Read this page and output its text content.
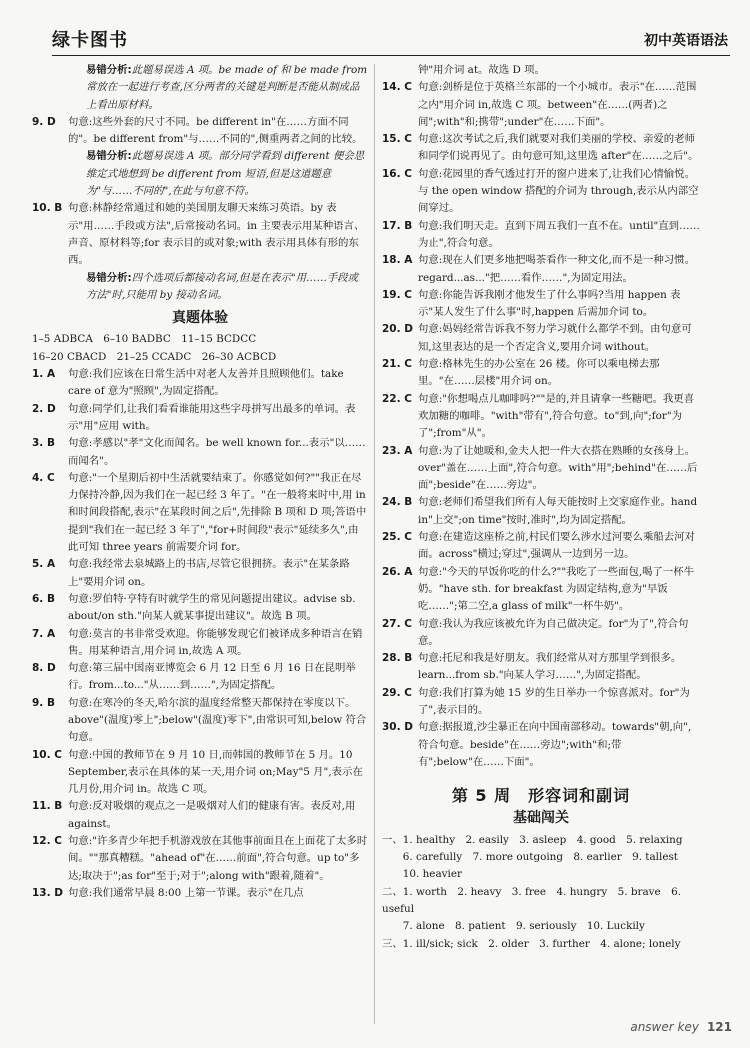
绿卡图书	初中英语语法
易错分析:此题易误选 A 项。be made of 和 be made from 常放在一起进行考查,区分两者的关键是判断是否能从制成品上看出原材料。
9. D	句意:这些外套的尺寸不同。be different in"在……方面不同的"。be different from"与……不同的",侧重两者之间的比较。
易错分析:此题易误选 A 项。部分同学看到 different 便会思维定式地想到 be different from 短语,但是这道题意为"与……不同的",在此与句意不符。
10. B 句意:林静经常通过和她的美国朋友聊天来练习英语。by 表示"用……手段或方法",后常接动名词。in 主要表示用某种语言、声音、原材料等;for 表示目的或对象;with 表示用具体有形的东西。
易错分析:四个选项后都接动名词,但是在表示"用……手段或方法"时,只能用 by 接动名词。
真题体验
1–5 ADBCA　6–10 BADBC　11–15 BCDCC
16–20 CBACD　21–25 CCADC　26–30 ACBCD
1. A	句意:我们应该在日常生活中对老人友善并且照顾他们。take care of 意为"照顾",为固定搭配。
2. D	句意:同学们,让我们看看谁能用这些字母拼写出最多的单词。表示"用"应用 with。
3. B	句意:孝感以"孝"文化而闻名。be well known for...表示"以……而闻名"。
4. C	句意:"一个星期后初中生活就要结束了。你感觉如何?""我正在尽力保持冷静,因为我们在一起已经 3 年了。"在一般将来时中,用 in 和时间段搭配,表示"在某段时间之后",先排除 B 项和 D 项;答语中提到"我们在一起已经 3 年了","for+时间段"表示"延续多久",由此可知 three years 前需要介词 for。
5. A	句意:我经常去泉城路上的书店,尽管它很拥挤。表示"在某条路上"要用介词 on。
6. B	句意:罗伯特·亨特有时就学生的常见问题提出建议。advise sb. about/on sth."向某人就某事提出建议"。故选 B 项。
7. A	句意:莫言的书非常受欢迎。你能够发现它们被译成多种语言在销售。用某种语言,用介词 in,故选 A 项。
8. D	句意:第三届中国南亚博览会 6 月 12 日至 6 月 16 日在昆明举行。from...to..."从……到……",为固定搭配。
9. B	句意:在寒冷的冬天,哈尔滨的温度经常整天都保持在零度以下。above"(温度)零上";below"(温度)零下",由常识可知,below 符合句意。
10. C 句意:中国的教师节在 9 月 10 日,而韩国的教师节在 5 月。10 September,表示在具体的某一天,用介词 on;May"5 月",表示在几月份,用介词 in。故选 C 项。
11. B 句意:反对吸烟的观点之一是吸烟对人们的健康有害。表反对,用 against。
12. C 句意:"许多青少年把手机游戏放在其他事前面且在上面花了太多时间。""那真糟糕。"ahead of"在……前面",符合句意。up to"多达;取决于";as for"至于;对于";along with"跟着,随着"。
13. D 句意:我们通常早晨 8:00 上第一节课。表示"在几点
钟"用介词 at。故选 D 项。
14. C 句意:剑桥是位于英格兰东部的一个小城市。表示"在……范围之内"用介词 in,故选 C 项。between"在……(两者)之间";with"和;携带";under"在……下面"。
15. C 句意:这次考试之后,我们就要对我们美丽的学校、亲爱的老师和同学们说再见了。由句意可知,这里选 after"在……之后"。
16. C 句意:花园里的香气透过打开的窗户进来了,让我们心情愉悦。与 the open window 搭配的介词为 through,表示从内部空间穿过。
17. B 句意:我们明天走。直到下周五我们一直不在。until"直到……为止",符合句意。
18. A 句意:现在人们更多地把喝茶看作一种文化,而不是一种习惯。regard...as..."把……看作……",为固定用法。
19. C 句意:你能告诉我刚才他发生了什么事吗?当用 happen 表示"某人发生了什么事"时,happen 后需加介词 to。
20. D 句意:妈妈经常告诉我不努力学习就什么都学不到。由句意可知,这里表达的是一个否定含义,要用介词 without。
21. C 句意:格林先生的办公室在 26 楼。你可以乘电梯去那里。"在……层楼"用介词 on。
22. C 句意:"你想喝点儿咖啡吗?""是的,并且请拿一些糖吧。我更喜欢加糖的咖啡。"with"带有",符合句意。to"到,向";for"为了";from"从"。
23. A 句意:为了让她暖和,金夫人把一件大衣搭在熟睡的女孩身上。over"盖在……上面",符合句意。with"用";behind"在……后面";beside"在……旁边"。
24. B 句意:老师们希望我们所有人每天能按时上交家庭作业。hand in"上交";on time"按时,准时",均为固定搭配。
25. C 句意:在建造这座桥之前,村民们要么涉水过河要么乘船去河对面。across"横过;穿过",强调从一边到另一边。
26. A 句意:"今天的早饭你吃的什么?""我吃了一些面包,喝了一杯牛奶。"have sth. for breakfast 为固定结构,意为"早饭吃……";第二空,a glass of milk"一杯牛奶"。
27. C 句意:我认为我应该被允许为自己做决定。for"为了",符合句意。
28. B 句意:托尼和我是好朋友。我们经常从对方那里学到很多。learn...from sb."向某人学习……",为固定搭配。
29. C 句意:我们打算为她 15 岁的生日举办一个惊喜派对。for"为了",表示目的。
30. D 句意:据报道,沙尘暴正在向中国南部移动。towards"朝,向",符合句意。beside"在……旁边";with"和;带有";below"在……下面"。
第 5 周　形容词和副词
基础闯关
一、1. healthy　2. easily　3. asleep　4. good　5. relaxing
　　6. carefully　7. more outgoing　8. earlier　9. tallest
　　10. heavier
二、1. worth　2. heavy　3. free　4. hungry　5. brave　6. useful
　　7. alone　8. patient　9. seriously　10. Luckily
三、1. ill/sick; sick　2. older　3. further　4. alone; lonely
answer key 121
